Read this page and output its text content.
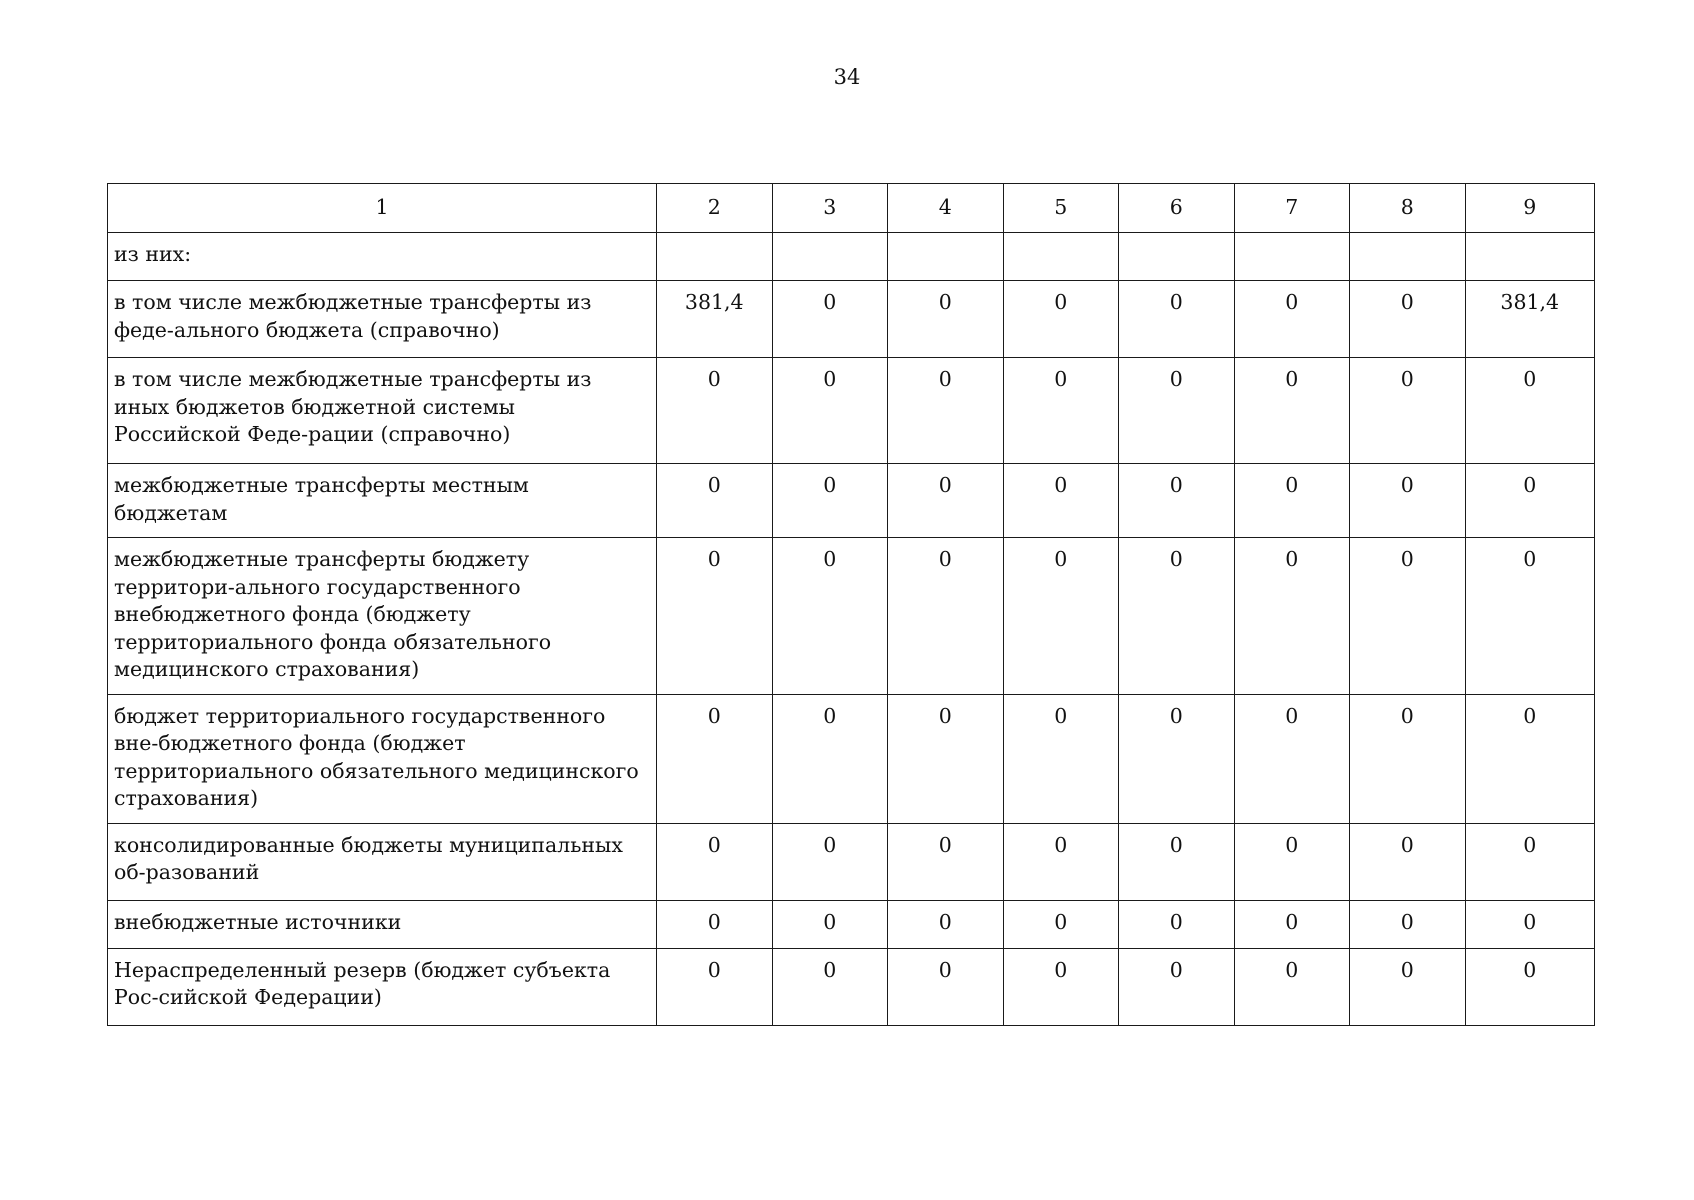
34
1	2	3	4	5	6	7	8	9
из них:								
в том числе межбюджетные трансферты из феде-ального бюджета (справочно)	381,4	0	0	0	0	0	0	381,4
в том числе межбюджетные трансферты из иных бюджетов бюджетной системы Российской Феде-рации (справочно)	0	0	0	0	0	0	0	0
межбюджетные трансферты местным бюджетам	0	0	0	0	0	0	0	0
межбюджетные трансферты бюджету территори-ального государственного внебюджетного фонда (бюджету территориального фонда обязательного медицинского страхования)	0	0	0	0	0	0	0	0
бюджет территориального государственного вне-бюджетного фонда (бюджет территориального обязательного медицинского страхования)	0	0	0	0	0	0	0	0
консолидированные бюджеты муниципальных об-разований	0	0	0	0	0	0	0	0
внебюджетные источники	0	0	0	0	0	0	0	0
Нераспределенный резерв (бюджет субъекта Рос-сийской Федерации)	0	0	0	0	0	0	0	0
